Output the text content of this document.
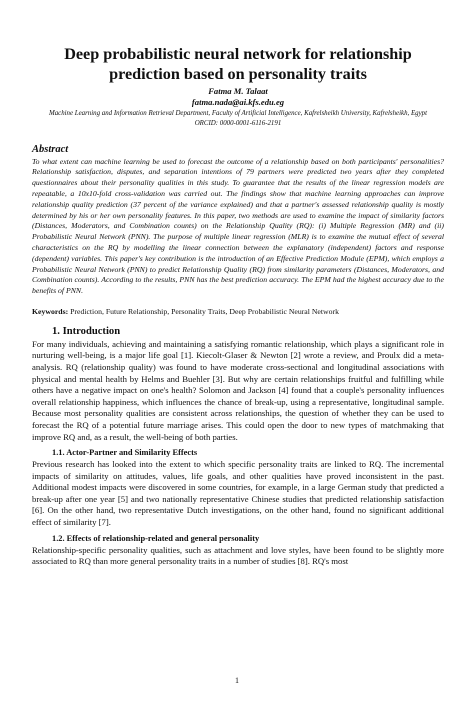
Deep probabilistic neural network for relationship
prediction based on personality traits
Fatma M. Talaat
fatma.nada@ai.kfs.edu.eg
Machine Learning and Information Retrieval Department, Faculty of Artificial Intelligence, Kafrelsheikh University, Kafrelsheikh, Egypt
ORCID: 0000-0001-6116-2191
Abstract
To what extent can machine learning be used to forecast the outcome of a relationship based on both participants' personalities? Relationship satisfaction, disputes, and separation intentions of 79 partners were predicted two years after they completed questionnaires about their personality qualities in this study. To guarantee that the results of the linear regression models are repeatable, a 10x10-fold cross-validation was carried out. The findings show that machine learning approaches can improve relationship quality prediction (37 percent of the variance explained) and that a partner's assessed relationship quality is mostly determined by his or her own personality features. In this paper, two methods are used to examine the impact of similarity factors (Distances, Moderators, and Combination counts) on the Relationship Quality (RQ): (i) Multiple Regression (MR) and (ii) Probabilistic Neural Network (PNN). The purpose of multiple linear regression (MLR) is to examine the mutual effect of several characteristics on the RQ by modelling the linear connection between the explanatory (independent) factors and response (dependent) variables. This paper's key contribution is the introduction of an Effective Prediction Module (EPM), which employs a Probabilistic Neural Network (PNN) to predict Relationship Quality (RQ) from similarity parameters (Distances, Moderators, and Combination counts). According to the results, PNN has the best prediction accuracy. The EPM had the highest accuracy due to the benefits of PNN.
Keywords: Prediction, Future Relationship, Personality Traits, Deep Probabilistic Neural Network
1. Introduction
For many individuals, achieving and maintaining a satisfying romantic relationship, which plays a significant role in nurturing well-being, is a major life goal [1]. Kiecolt-Glaser & Newton [2] wrote a review, and Proulx did a meta-analysis. RQ (relationship quality) was found to have moderate cross-sectional and longitudinal associations with physical and mental health by Helms and Buehler [3]. But why are certain relationships fruitful and fulfilling while others have a negative impact on one's health? Solomon and Jackson [4] found that a couple's personality influences overall relationship happiness, which influences the chance of break-up, using a representative, longitudinal sample. Because most personality qualities are consistent across relationships, the question of whether they can be used to forecast the RQ of a potential future marriage arises. This could open the door to new types of matchmaking that improve RQ and, as a result, the well-being of both parties.
1.1. Actor-Partner and Similarity Effects
Previous research has looked into the extent to which specific personality traits are linked to RQ. The incremental impacts of similarity on attitudes, values, life goals, and other qualities have proved inconsistent in the past. Additional modest impacts were discovered in some countries, for example, in a large German study that predicted a break-up after one year [5] and two nationally representative Chinese studies that predicted relationship satisfaction [6]. On the other hand, two representative Dutch investigations, on the other hand, found no significant additional effect of similarity [7].
1.2. Effects of relationship-related and general personality
Relationship-specific personality qualities, such as attachment and love styles, have been found to be slightly more associated to RQ than more general personality traits in a number of studies [8]. RQ's most
1
